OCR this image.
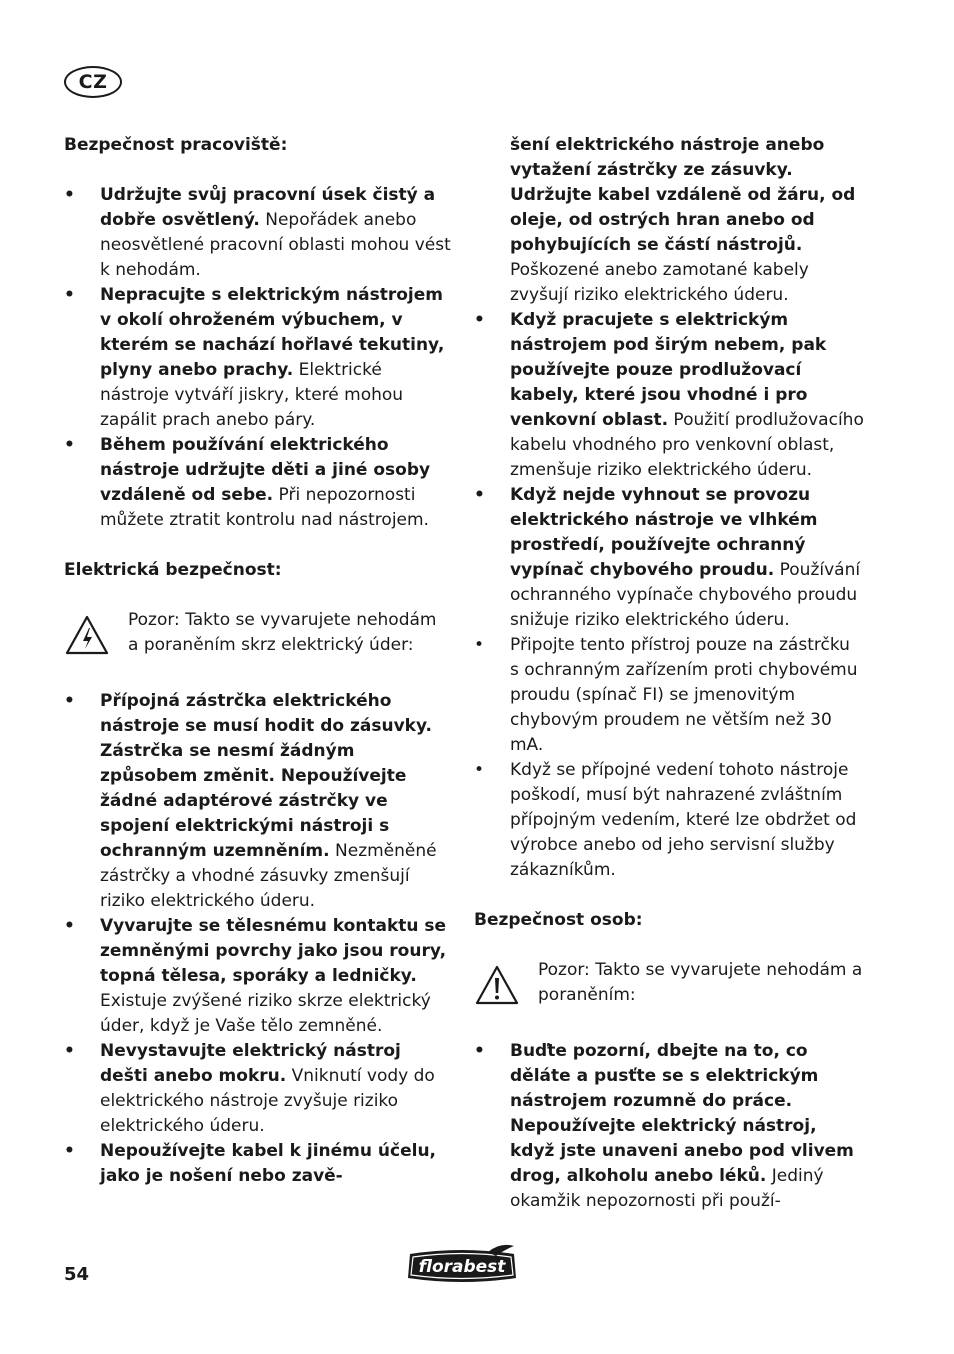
CZ

Bezpečnost pracoviště:

• Udržujte svůj pracovní úsek čistý a dobře osvětlený. Nepořádek anebo neosvětlené pracovní oblasti mohou vést k nehodám.
• Nepracujte s elektrickým nástrojem v okolí ohroženém výbuchem, v kterém se nachází hořlavé tekutiny, plyny anebo prachy. Elektrické nástroje vytváří jiskry, které mohou zapálit prach anebo páry.
• Během používání elektrického nástroje udržujte děti a jiné osoby vzdáleně od sebe. Při nepozornosti můžete ztratit kontrolu nad nástrojem.

Elektrická bezpečnost:

Pozor: Takto se vyvarujete nehodám a poraněním skrz elektrický úder:
• Přípojná zástrčka elektrického nástroje se musí hodit do zásuvky. Zástrčka se nesmí žádným způsobem změnit. Nepoužívejte žádné adaptérové zástrčky ve spojení elektrickými nástroji s ochranným uzemněním. Nezměněné zástrčky a vhodné zásuvky zmenšují riziko elektrického úderu.
• Vyvarujte se tělesnému kontaktu se zemněnými povrchy jako jsou roury, topná tělesa, sporáky a ledničky. Existuje zvýšené riziko skrze elektrický úder, když je Vaše tělo zemněné.
• Nevystavujte elektrický nástroj dešti anebo mokru. Vniknutí vody do elektrického nástroje zvyšuje riziko elektrického úderu.
• Nepoužívejte kabel k jinému účelu, jako je nošení nebo zavě-

šení elektrického nástroje anebo vytažení zástrčky ze zásuvky. Udržujte kabel vzdáleně od žáru, od oleje, od ostrých hran anebo od pohybujících se částí nástrojů. Poškozené anebo zamotané kabely zvyšují riziko elektrického úderu.

• Když pracujete s elektrickým nástrojem pod širým nebem, pak používejte pouze prodlužovací kabely, které jsou vhodné i pro venkovní oblast. Použití prodlužovacího kabelu vhodného pro venkovní oblast, zmenšuje riziko elektrického úderu.
• Když nejde vyhnout se provozu elektrického nástroje ve vlhkém prostředí, používejte ochranný vypínač chybového proudu. Používání ochranného vypínače chybového proudu snižuje riziko elektrického úderu.
• Připojte tento přístroj pouze na zástrčku s ochranným zařízením proti chybovému proudu (spínač FI) se jmenovitým chybovým proudem ne větším než 30 mA.
• Když se přípojné vedení tohoto nástroje poškodí, musí být nahrazené zvláštním přípojným vedením, které lze obdržet od výrobce anebo od jeho servisní služby zákazníkům.

Bezpečnost osob:

Pozor: Takto se vyvarujete nehodám a poraněním:
• Buďte pozorní, dbejte na to, co děláte a pusťte se s elektrickým nástrojem rozumně do práce. Nepoužívejte elektrický nástroj, když jste unaveni anebo pod vlivem drog, alkoholu anebo léků. Jediný okamžik nepozornosti při použí-
54	florabest
